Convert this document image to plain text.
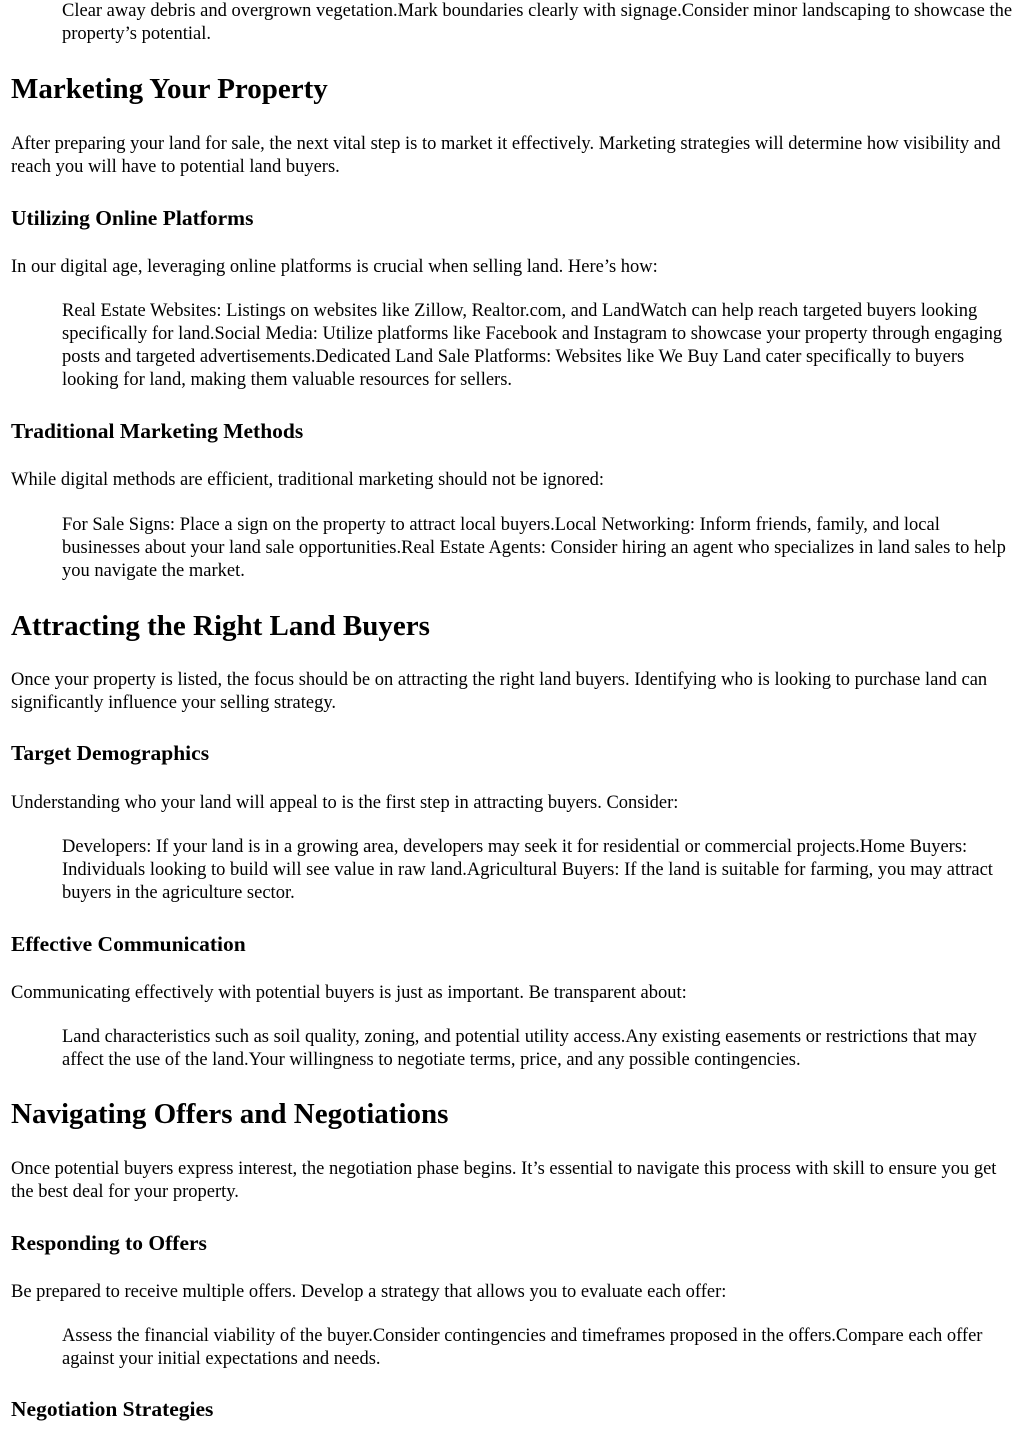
Clear away debris and overgrown vegetation.Mark boundaries clearly with signage.Consider minor landscaping to showcase the property’s potential.
Marketing Your Property

After preparing your land for sale, the next vital step is to market it effectively. Marketing strategies will determine how visibility and reach you will have to potential land buyers.

Utilizing Online Platforms

In our digital age, leveraging online platforms is crucial when selling land. Here’s how:

Real Estate Websites: Listings on websites like Zillow, Realtor.com, and LandWatch can help reach targeted buyers looking specifically for land.Social Media: Utilize platforms like Facebook and Instagram to showcase your property through engaging posts and targeted advertisements.Dedicated Land Sale Platforms: Websites like We Buy Land cater specifically to buyers looking for land, making them valuable resources for sellers.
Traditional Marketing Methods

While digital methods are efficient, traditional marketing should not be ignored:

For Sale Signs: Place a sign on the property to attract local buyers.Local Networking: Inform friends, family, and local businesses about your land sale opportunities.Real Estate Agents: Consider hiring an agent who specializes in land sales to help you navigate the market.
Attracting the Right Land Buyers

Once your property is listed, the focus should be on attracting the right land buyers. Identifying who is looking to purchase land can significantly influence your selling strategy.

Target Demographics

Understanding who your land will appeal to is the first step in attracting buyers. Consider:

Developers: If your land is in a growing area, developers may seek it for residential or commercial projects.Home Buyers: Individuals looking to build will see value in raw land.Agricultural Buyers: If the land is suitable for farming, you may attract buyers in the agriculture sector.
Effective Communication

Communicating effectively with potential buyers is just as important. Be transparent about:

Land characteristics such as soil quality, zoning, and potential utility access.Any existing easements or restrictions that may affect the use of the land.Your willingness to negotiate terms, price, and any possible contingencies.
Navigating Offers and Negotiations

Once potential buyers express interest, the negotiation phase begins. It’s essential to navigate this process with skill to ensure you get the best deal for your property.

Responding to Offers

Be prepared to receive multiple offers. Develop a strategy that allows you to evaluate each offer:

Assess the financial viability of the buyer.Consider contingencies and timeframes proposed in the offers.Compare each offer against your initial expectations and needs.
Negotiation Strategies
